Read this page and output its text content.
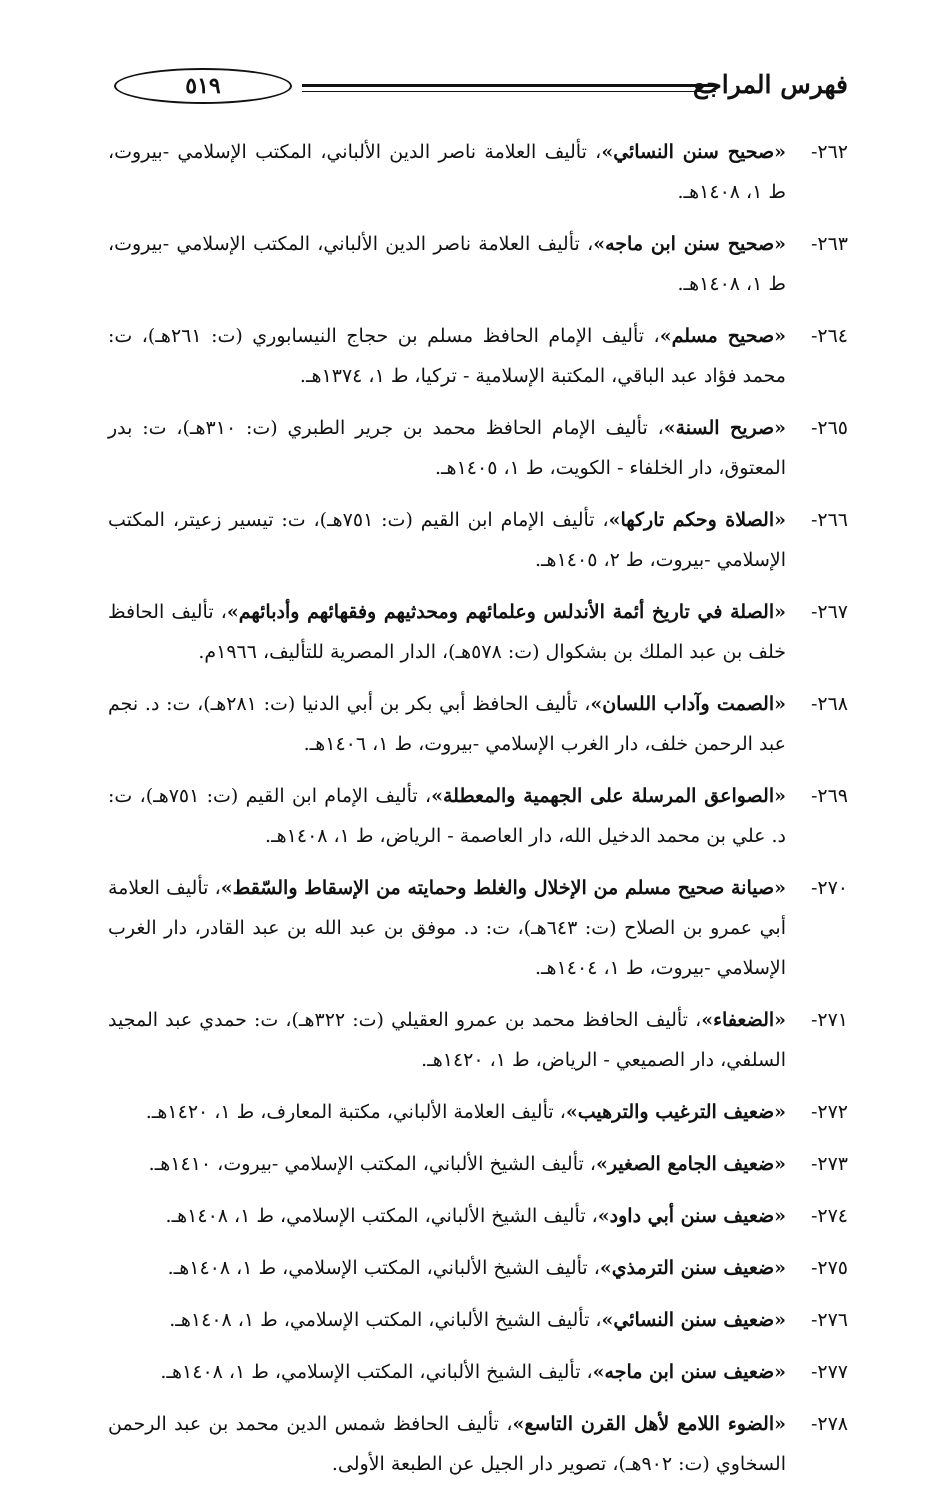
٥١٩	فهرس المراجع
٢٦٢-
«صحيح سنن النسائي»، تأليف العلامة ناصر الدين الألباني، المكتب الإسلامي -بيروت، ط ١، ١٤٠٨هـ.
٢٦٣-
«صحيح سنن ابن ماجه»، تأليف العلامة ناصر الدين الألباني، المكتب الإسلامي -بيروت، ط ١، ١٤٠٨هـ.
٢٦٤-
«صحيح مسلم»، تأليف الإمام الحافظ مسلم بن حجاج النيسابوري (ت: ٢٦١هـ)، ت: محمد فؤاد عبد الباقي، المكتبة الإسلامية - تركيا، ط ١، ١٣٧٤هـ.
٢٦٥-
«صريح السنة»، تأليف الإمام الحافظ محمد بن جرير الطبري (ت: ٣١٠هـ)، ت: بدر المعتوق، دار الخلفاء - الكويت، ط ١، ١٤٠٥هـ.
٢٦٦-
«الصلاة وحكم تاركها»، تأليف الإمام ابن القيم (ت: ٧٥١هـ)، ت: تيسير زعيتر، المكتب الإسلامي -بيروت، ط ٢، ١٤٠٥هـ.
٢٦٧-
«الصلة في تاريخ أئمة الأندلس وعلمائهم ومحدثيهم وفقهائهم وأدبائهم»، تأليف الحافظ خلف بن عبد الملك بن بشكوال (ت: ٥٧٨هـ)، الدار المصرية للتأليف، ١٩٦٦م.
٢٦٨-
«الصمت وآداب اللسان»، تأليف الحافظ أبي بكر بن أبي الدنيا (ت: ٢٨١هـ)، ت: د. نجم عبد الرحمن خلف، دار الغرب الإسلامي -بيروت، ط ١، ١٤٠٦هـ.
٢٦٩-
«الصواعق المرسلة على الجهمية والمعطلة»، تأليف الإمام ابن القيم (ت: ٧٥١هـ)، ت: د. علي بن محمد الدخيل الله، دار العاصمة - الرياض، ط ١، ١٤٠٨هـ.
٢٧٠-
«صيانة صحيح مسلم من الإخلال والغلط وحمايته من الإسقاط والسّقط»، تأليف العلامة أبي عمرو بن الصلاح (ت: ٦٤٣هـ)، ت: د. موفق بن عبد الله بن عبد القادر، دار الغرب الإسلامي -بيروت، ط ١، ١٤٠٤هـ.
٢٧١-
«الضعفاء»، تأليف الحافظ محمد بن عمرو العقيلي (ت: ٣٢٢هـ)، ت: حمدي عبد المجيد السلفي، دار الصميعي - الرياض، ط ١، ١٤٢٠هـ.
٢٧٢-
«ضعيف الترغيب والترهيب»، تأليف العلامة الألباني، مكتبة المعارف، ط ١، ١٤٢٠هـ.
٢٧٣-
«ضعيف الجامع الصغير»، تأليف الشيخ الألباني، المكتب الإسلامي -بيروت، ١٤١٠هـ.
٢٧٤-
«ضعيف سنن أبي داود»، تأليف الشيخ الألباني، المكتب الإسلامي، ط ١، ١٤٠٨هـ.
٢٧٥-
«ضعيف سنن الترمذي»، تأليف الشيخ الألباني، المكتب الإسلامي، ط ١، ١٤٠٨هـ.
٢٧٦-
«ضعيف سنن النسائي»، تأليف الشيخ الألباني، المكتب الإسلامي، ط ١، ١٤٠٨هـ.
٢٧٧-
«ضعيف سنن ابن ماجه»، تأليف الشيخ الألباني، المكتب الإسلامي، ط ١، ١٤٠٨هـ.
٢٧٨-
«الضوء اللامع لأهل القرن التاسع»، تأليف الحافظ شمس الدين محمد بن عبد الرحمن السخاوي (ت: ٩٠٢هـ)، تصوير دار الجيل عن الطبعة الأولى.
